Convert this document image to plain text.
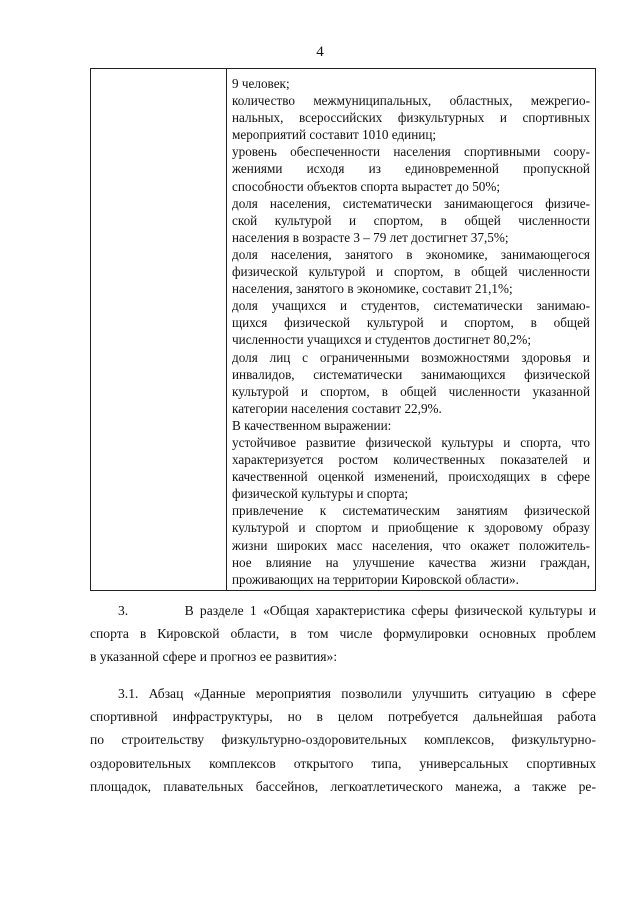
4
9 человек;
количество межмуниципальных, областных, межрегио-
нальных, всероссийских физкультурных и спортивных
мероприятий составит 1010 единиц;
уровень обеспеченности населения спортивными соору-
жениями исходя из единовременной пропускной
способности объектов спорта вырастет до 50%;
доля населения, систематически занимающегося физиче-
ской культурой и спортом, в общей численности
населения в возрасте 3 – 79 лет достигнет 37,5%;
доля населения, занятого в экономике, занимающегося
физической культурой и спортом, в общей численности
населения, занятого в экономике, составит 21,1%;
доля учащихся и студентов, систематически занимаю-
щихся физической культурой и спортом, в общей
численности учащихся и студентов достигнет 80,2%;
доля лиц с ограниченными возможностями здоровья и
инвалидов, систематически занимающихся физической
культурой и спортом, в общей численности указанной
категории населения составит 22,9%.
В качественном выражении:
устойчивое развитие физической культуры и спорта, что
характеризуется ростом количественных показателей и
качественной оценкой изменений, происходящих в сфере
физической культуры и спорта;
привлечение к систематическим занятиям физической
культурой и спортом и приобщение к здоровому образу
жизни широких масс населения, что окажет положитель-
ное влияние на улучшение качества жизни граждан,
проживающих на территории Кировской области».
3.         В разделе 1 «Общая характеристика сферы физической культуры и
спорта в Кировской области, в том числе формулировки основных проблем
в указанной сфере и прогноз ее развития»:
3.1. Абзац «Данные мероприятия позволили улучшить ситуацию в сфере
спортивной инфраструктуры, но в целом потребуется дальнейшая работа
по строительству физкультурно-оздоровительных комплексов, физкультурно-
оздоровительных комплексов открытого типа, универсальных спортивных
площадок, плавательных бассейнов, легкоатлетического манежа, а также ре-
